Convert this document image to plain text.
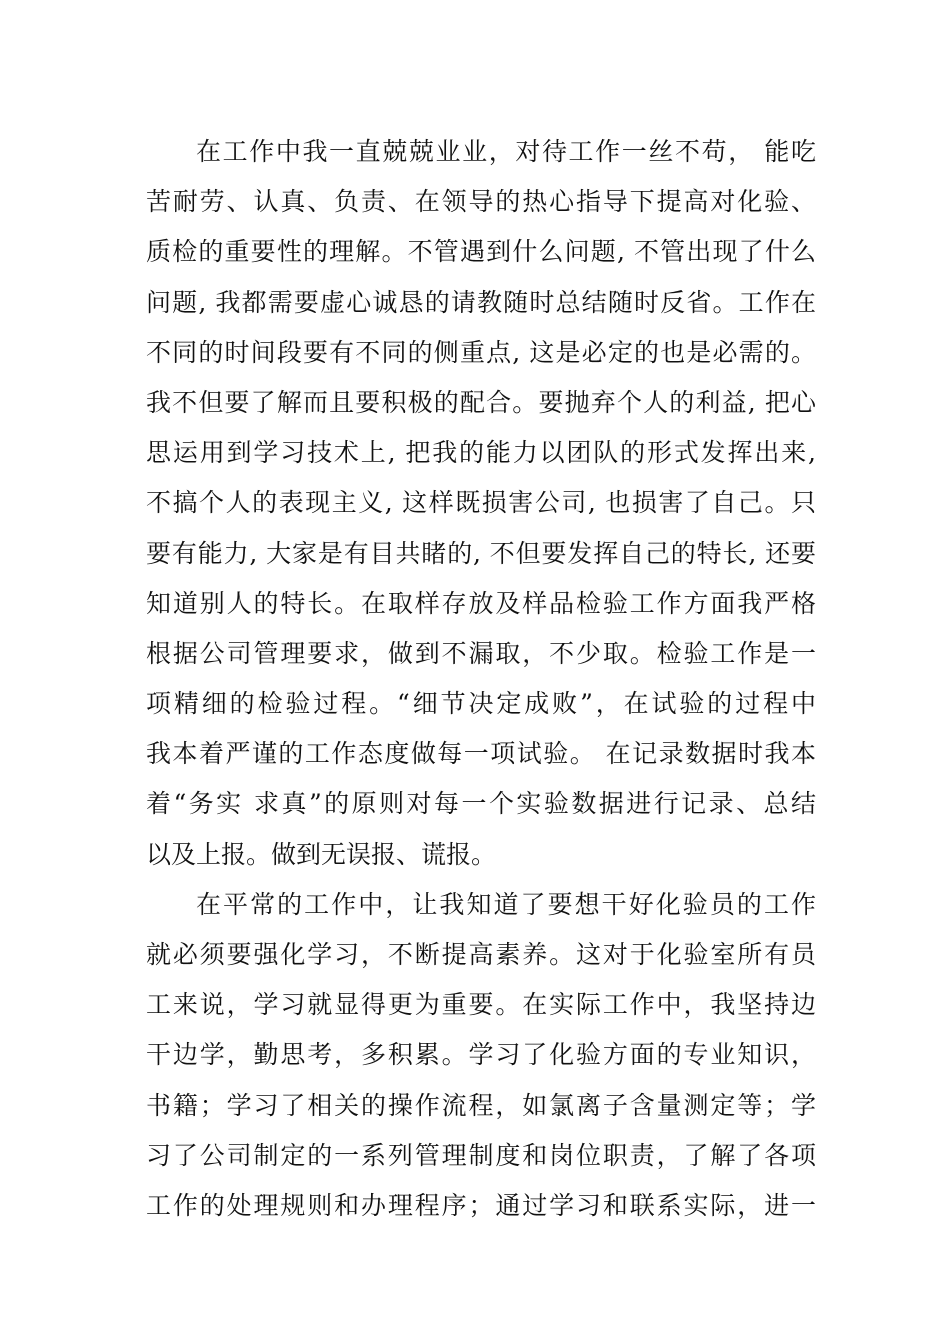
在工作中我一直兢兢业业，对待工作一丝不苟， 能吃
苦耐劳、认真、负责、在领导的热心指导下提高对化验、
质检的重要性的理解。不管遇到什么问题, 不管出现了什么
问题, 我都需要虚心诚恳的请教随时总结随时反省。工作在
不同的时间段要有不同的侧重点, 这是必定的也是必需的。
我不但要了解而且要积极的配合。要抛弃个人的利益, 把心
思运用到学习技术上, 把我的能力以团队的形式发挥出来,
不搞个人的表现主义, 这样既损害公司, 也损害了自己。只
要有能力, 大家是有目共睹的, 不但要发挥自己的特长, 还要
知道别人的特长。在取样存放及样品检验工作方面我严格
根据公司管理要求，做到不漏取，不少取。检验工作是一
项精细的检验过程。“细节决定成败”，在试验的过程中
我本着严谨的工作态度做每一项试验。 在记录数据时我本
着“务实 求真”的原则对每一个实验数据进行记录、总结
以及上报。做到无误报、谎报。
在平常的工作中，让我知道了要想干好化验员的工作
就必须要强化学习，不断提高素养。这对于化验室所有员
工来说，学习就显得更为重要。在实际工作中，我坚持边
干边学，勤思考，多积累。学习了化验方面的专业知识，
书籍；学习了相关的操作流程，如氯离子含量测定等；学
习了公司制定的一系列管理制度和岗位职责，了解了各项
工作的处理规则和办理程序；通过学习和联系实际，进一
